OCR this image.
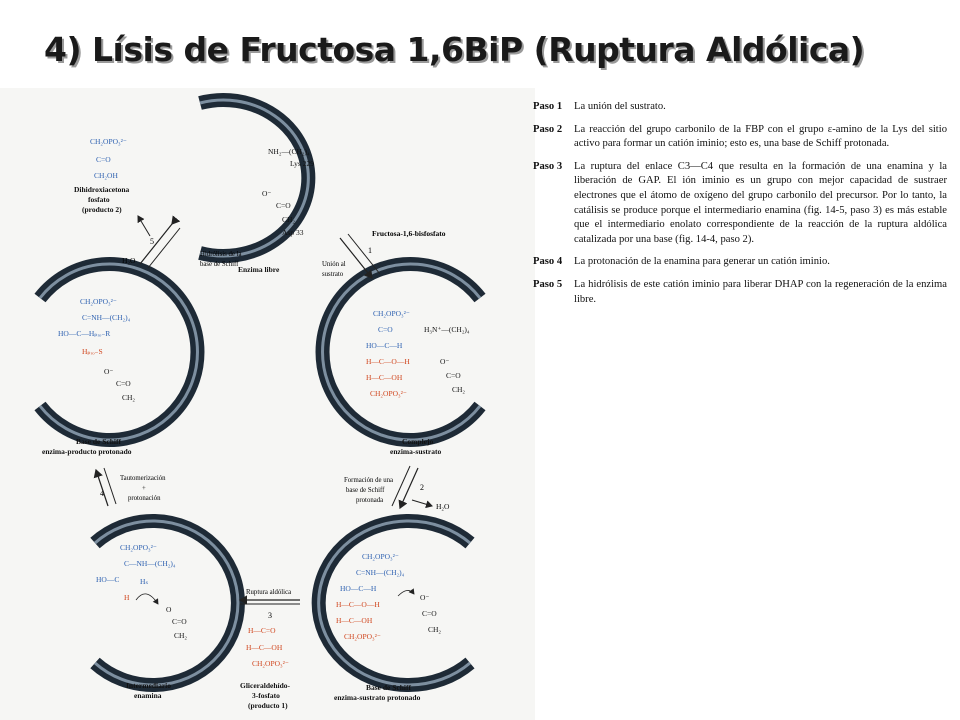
4) Lísis de Fructosa 1,6BiP (Ruptura Aldólica)
NH₂—(CH₂)₄
Lys 229
O⁻
C=O
CH₂
Asp 33
Enzima libre
CH₂OPO₃²⁻
C=O
CH₂OH
Dihidroxiacetona
fosfato
(producto 2)
Fructosa-1,6-bisfosfato
1
Unión al
sustrato
5
Hidrólisis de la
base de Schiff
H₂O
CH₂OPO₃²⁻
C=O	H₃N⁺—(CH₂)₄
HO—C—H
H—C—O—H
H—C—OH
CH₂OPO₃²⁻
O⁻
C=O
CH₂
Complejo
enzima-sustrato
2
Formación de una
base de Schiff
protonada
H₂O
CH₂OPO₃²⁻
C=NH—(CH₂)₄
HO—C—H
H—C—O—H
H—C—OH
CH₂OPO₃²⁻
O⁻
C=O
CH₂
Base de Schiff
enzima-sustrato protonado
Ruptura aldólica
3
H—C=O
H—C—OH
CH₂OPO₃²⁻
Gliceraldehído-
3-fosfato
(producto 1)
CH₂OPO₃²⁻
C—NH—(CH₂)₄
HO—C	Hₛ
H
O
C=O
CH₂
Intermediario
enamina
4
Tautomerización
+
protonación
CH₂OPO₃²⁻
C=NH—(CH₂)₄
HO—C—Hₚᵣₒ₋R
Hₚᵣₒ₋S
O⁻
C=O
CH₂
Base de Schiff
enzima-producto protonado
Paso 1	La unión del sustrato.
Paso 2	La reacción del grupo carbonilo de la FBP con el grupo ε-amino de la Lys del sitio activo para formar un catión iminio; esto es, una base de Schiff protonada.
Paso 3	La ruptura del enlace C3—C4 que resulta en la formación de una enamina y la liberación de GAP. El ión iminio es un grupo con mejor capacidad de sustraer electrones que el átomo de oxígeno del grupo carbonilo del precursor. Por lo tanto, la catálisis se produce porque el intermediario enamina (fig. 14-5, paso 3) es más estable que el intermediario enolato correspondiente de la reacción de la ruptura aldólica catalizada por una base (fig. 14-4, paso 2).
Paso 4	La protonación de la enamina para generar un catión iminio.
Paso 5	La hidrólisis de este catión iminio para liberar DHAP con la regeneración de la enzima libre.
